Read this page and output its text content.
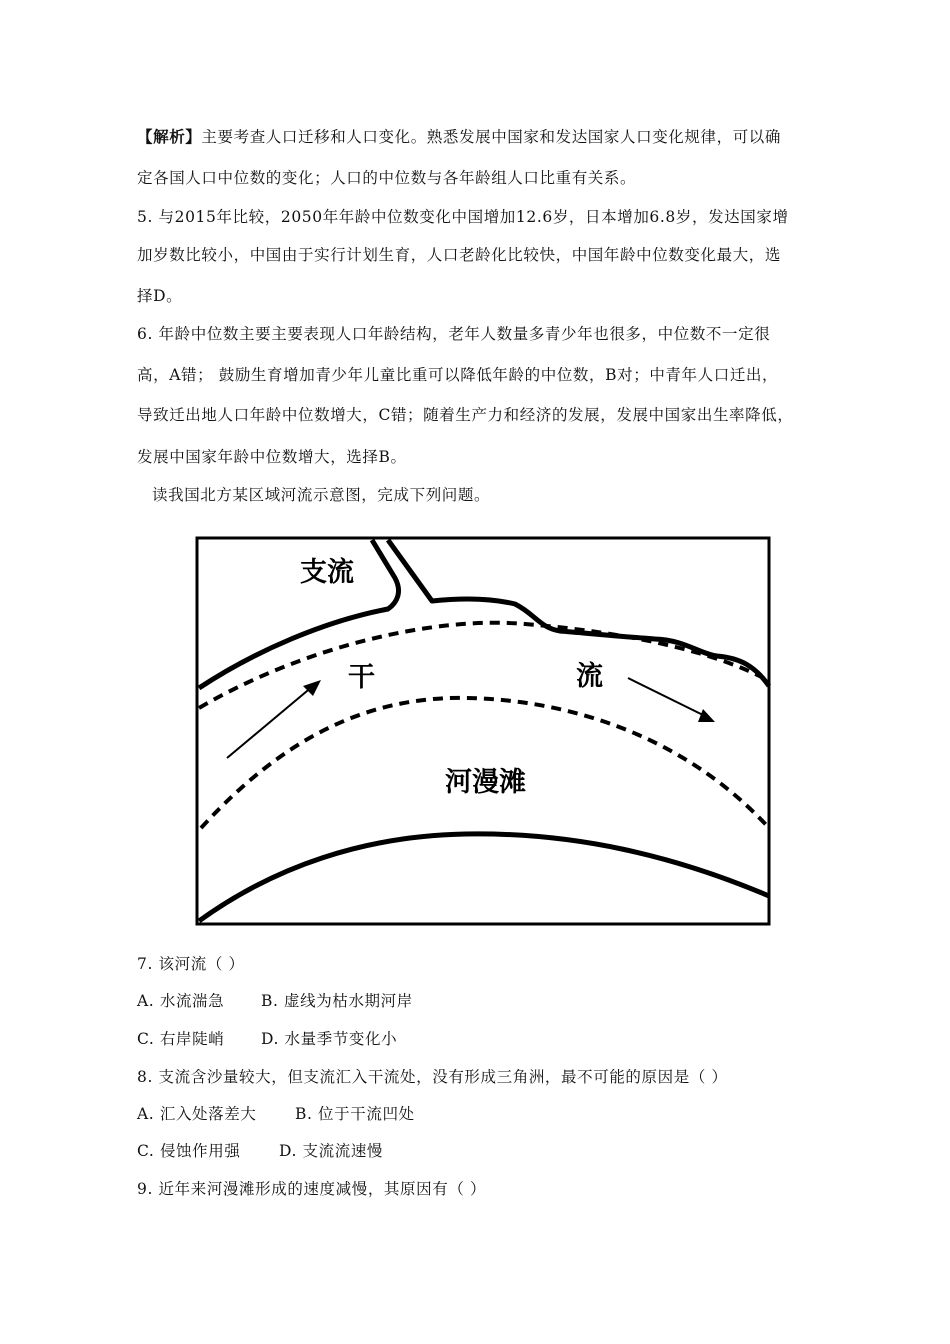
【解析】主要考查人口迁移和人口变化。熟悉发展中国家和发达国家人口变化规律，可以确
定各国人口中位数的变化；人口的中位数与各年龄组人口比重有关系。
5. 与2015年比较，2050年年龄中位数变化中国增加12.6岁，日本增加6.8岁，发达国家增
加岁数比较小，中国由于实行计划生育，人口老龄化比较快，中国年龄中位数变化最大，选
择D。
6. 年龄中位数主要主要表现人口年龄结构，老年人数量多青少年也很多，中位数不一定很
高，A错； 鼓励生育增加青少年儿童比重可以降低年龄的中位数，B对；中青年人口迁出，
导致迁出地人口年龄中位数增大，C错；随着生产力和经济的发展，发展中国家出生率降低，
发展中国家年龄中位数增大，选择B。
读我国北方某区域河流示意图，完成下列问题。
支流
干	流
河漫滩
7. 该河流（ ）
A. 水流湍急 B. 虚线为枯水期河岸
C. 右岸陡峭 D. 水量季节变化小
8. 支流含沙量较大，但支流汇入干流处，没有形成三角洲，最不可能的原因是（ ）
A. 汇入处落差大 B. 位于干流凹处
C. 侵蚀作用强 D. 支流流速慢
9. 近年来河漫滩形成的速度减慢，其原因有（ ）
